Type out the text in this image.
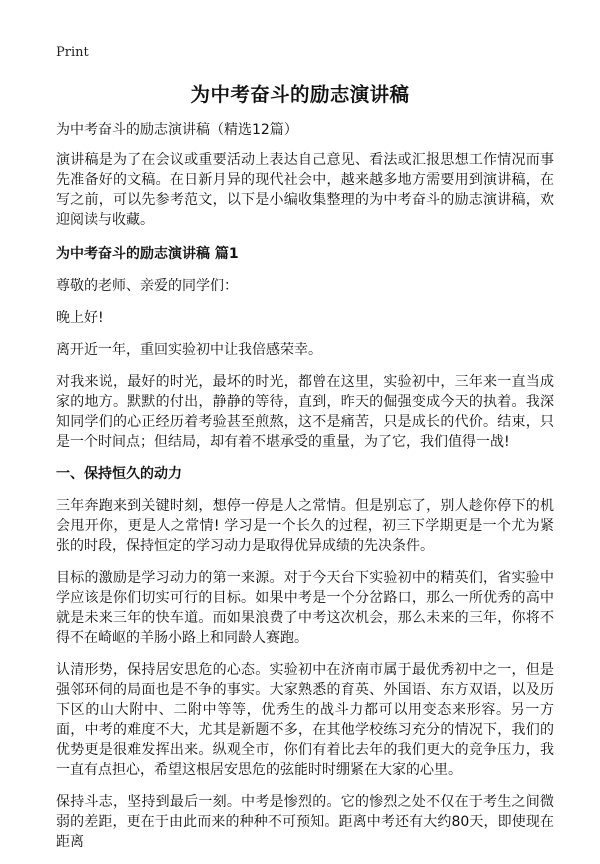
Print
为中考奋斗的励志演讲稿
为中考奋斗的励志演讲稿（精选12篇）

演讲稿是为了在会议或重要活动上表达自己意见、看法或汇报思想工作情况而事先准备好的文稿。在日新月异的现代社会中，越来越多地方需要用到演讲稿，在写之前，可以先参考范文，以下是小编收集整理的为中考奋斗的励志演讲稿，欢迎阅读与收藏。

为中考奋斗的励志演讲稿 篇1

尊敬的老师、亲爱的同学们：

晚上好!

离开近一年，重回实验初中让我倍感荣幸。

对我来说，最好的时光，最坏的时光，都曾在这里，实验初中，三年来一直当成家的地方。默默的付出，静静的等待，直到，昨天的倔强变成今天的执着。我深知同学们的心正经历着考验甚至煎熬，这不是痛苦，只是成长的代价。结束，只是一个时间点；但结局，却有着不堪承受的重量，为了它，我们值得一战!

一、保持恒久的动力

三年奔跑来到关键时刻，想停一停是人之常情。但是别忘了，别人趁你停下的机会甩开你，更是人之常情! 学习是一个长久的过程，初三下学期更是一个尤为紧张的时段，保持恒定的学习动力是取得优异成绩的先决条件。

目标的激励是学习动力的第一来源。对于今天台下实验初中的精英们，省实验中学应该是你们切实可行的目标。如果中考是一个分岔路口，那么一所优秀的高中就是未来三年的快车道。而如果浪费了中考这次机会，那么未来的三年，你将不得不在崎岖的羊肠小路上和同龄人赛跑。

认清形势，保持居安思危的心态。实验初中在济南市属于最优秀初中之一，但是强邻环伺的局面也是不争的事实。大家熟悉的育英、外国语、东方双语，以及历下区的山大附中、二附中等等，优秀生的战斗力都可以用变态来形容。另一方面，中考的难度不大，尤其是新题不多，在其他学校练习充分的情况下，我们的优势更是很难发挥出来。纵观全市，你们有着比去年的我们更大的竞争压力，我一直有点担心，希望这根居安思危的弦能时时绷紧在大家的心里。

保持斗志，坚持到最后一刻。中考是惨烈的。它的惨烈之处不仅在于考生之间微弱的差距，更在于由此而来的种种不可预知。距离中考还有大约80天，即使现在距离
